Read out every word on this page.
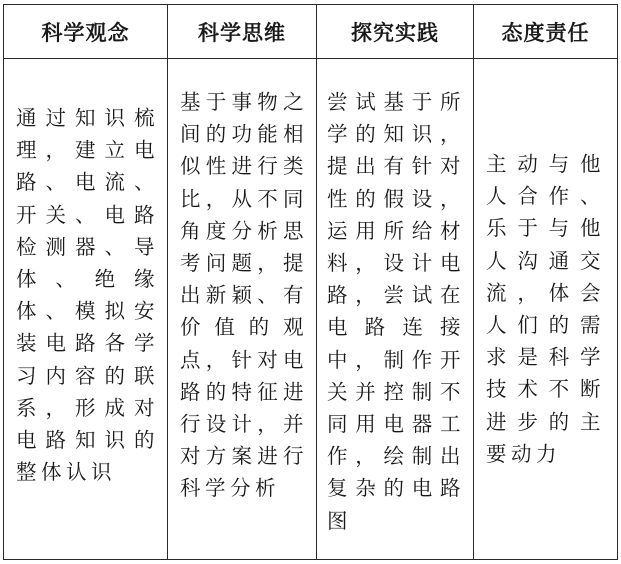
科学观念	科学思维	探究实践	态度责任
通过知识梳理，建立电路、电流、开关、电路检测器、导体、绝缘体、模拟安装电路各学习内容的联系，形成对电路知识的整体认识	基于事物之间的功能相似性进行类比，从不同角度分析思考问题，提出新颖、有价值的观点，针对电路的特征进行设计，并对方案进行科学分析	尝试基于所学的知识，提出有针对性的假设，运用所给材料，设计电路，尝试在电路连接中，制作开关并控制不同用电器工作，绘制出复杂的电路图	主动与他人合作、乐于与他人沟通交流，体会人们的需求是科学技术不断进步的主要动力
